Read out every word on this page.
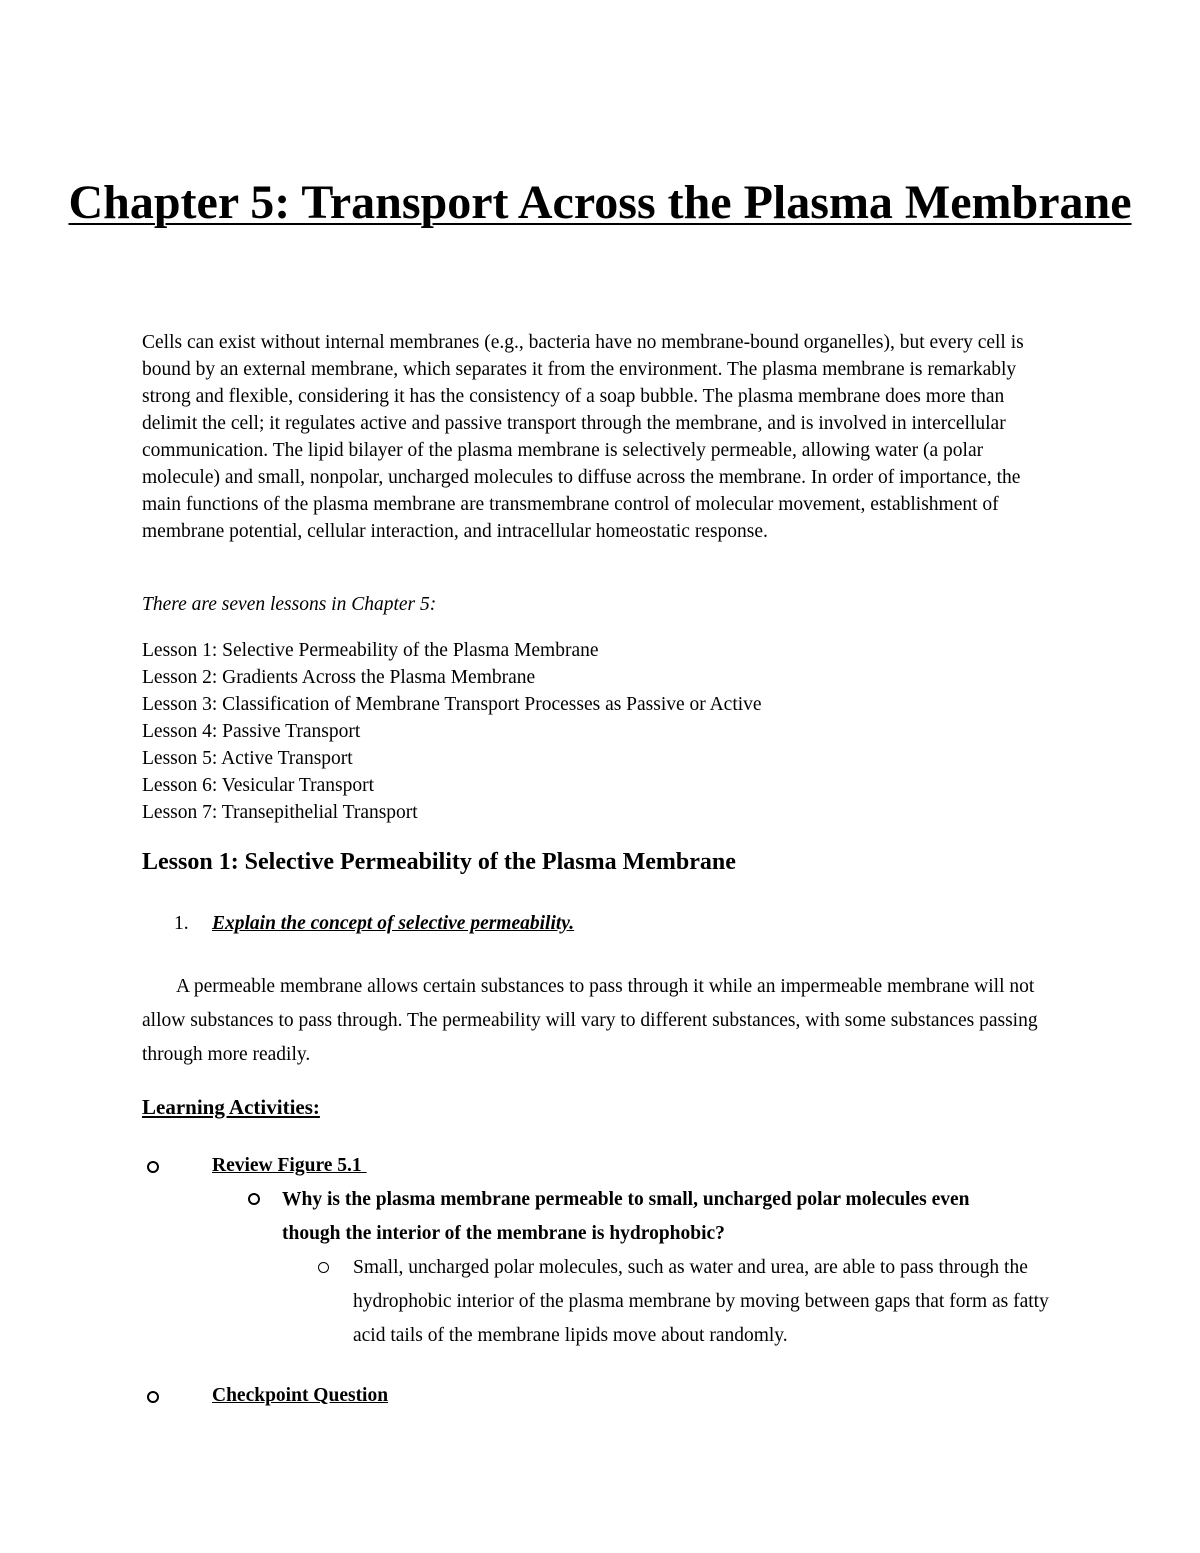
Chapter 5: Transport Across the Plasma Membrane

Cells can exist without internal membranes (e.g., bacteria have no membrane-bound organelles), but every cell is bound by an external membrane, which separates it from the environment. The plasma membrane is remarkably strong and flexible, considering it has the consistency of a soap bubble. The plasma membrane does more than delimit the cell; it regulates active and passive transport through the membrane, and is involved in intercellular communication. The lipid bilayer of the plasma membrane is selectively permeable, allowing water (a polar molecule) and small, nonpolar, uncharged molecules to diffuse across the membrane. In order of importance, the main functions of the plasma membrane are transmembrane control of molecular movement, establishment of membrane potential, cellular interaction, and intracellular homeostatic response.

There are seven lessons in Chapter 5:

Lesson 1: Selective Permeability of the Plasma Membrane
Lesson 2: Gradients Across the Plasma Membrane
Lesson 3: Classification of Membrane Transport Processes as Passive or Active
Lesson 4: Passive Transport
Lesson 5: Active Transport
Lesson 6: Vesicular Transport
Lesson 7: Transepithelial Transport
Lesson 1: Selective Permeability of the Plasma Membrane
1. Explain the concept of selective permeability.

A permeable membrane allows certain substances to pass through it while an impermeable membrane will not allow substances to pass through. The permeability will vary to different substances, with some substances passing through more readily.

Learning Activities:
Review Figure 5.1

Why is the plasma membrane permeable to small, uncharged polar molecules even though the interior of the membrane is hydrophobic?

Small, uncharged polar molecules, such as water and urea, are able to pass through the hydrophobic interior of the plasma membrane by moving between gaps that form as fatty acid tails of the membrane lipids move about randomly.

Checkpoint Question
